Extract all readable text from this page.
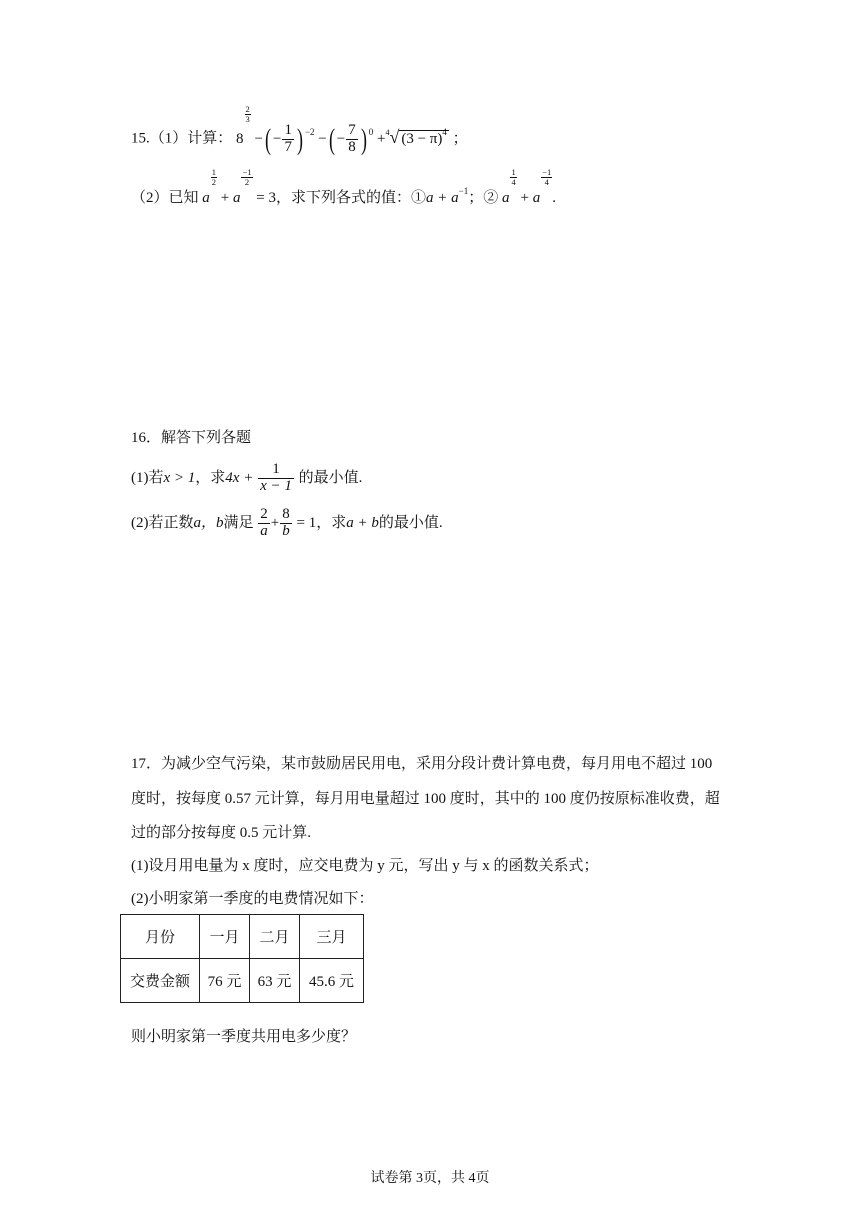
15.（1）计算： 8
$\frac{2}{3}$
−( − $\frac{1}{7}$ ) $^{-2}$ −( − $\frac{7}{8}$ ) $^0$ +$^4$√ $(3 - \pi)^4$ ；
（2）已知 a
$\frac{1}{2}$
+ a
$\frac{-1}{2}$
= 3，求下列各式的值：①a + $a^{-1}$；② a
$\frac{1}{4}$
+ a
$\frac{-1}{4}$
.
16．解答下列各题
(1)若x > 1，求$4x + \frac{1}{x - 1}$ 的最小值.
(2)若正数a，b满足 $\frac{2}{a} + \frac{8}{b} = 1$，求a + b的最小值.
17．为减少空气污染，某市鼓励居民用电，采用分段计费计算电费，每月用电不超过 100
度时，按每度 0.57 元计算，每月用电量超过 100 度时，其中的 100 度仍按原标准收费，超
过的部分按每度 0.5 元计算.
(1)设月用电量为 x 度时，应交电费为 y 元，写出 y 与 x 的函数关系式；
(2)小明家第一季度的电费情况如下：
月份	一月	二月	三月
交费金额	76 元	63 元	45.6 元
则小明家第一季度共用电多少度？
试卷第 3页，共 4页
